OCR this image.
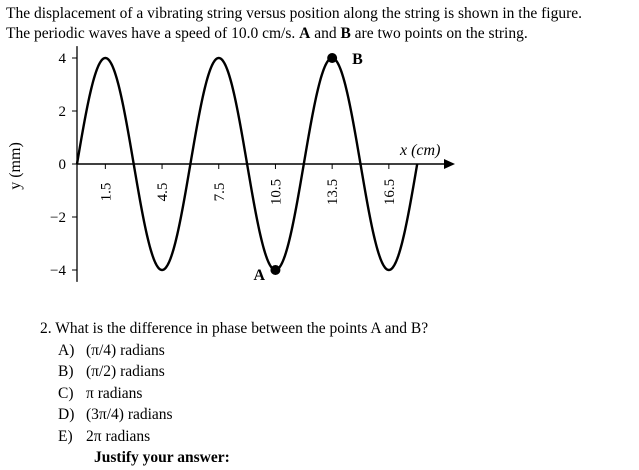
The displacement of a vibrating string versus position along the string is shown in the figure.

The periodic waves have a speed of 10.0 cm/s. A and B are two points on the string.

4
2
0
−2
−4
1.5	4.5	7.5	10.5	13.5	16.5
y (mm)	x (cm)
A
B

2. What is the difference in phase between the points A and B?

A) (π/4) radians
B) (π/2) radians
C) π radians
D) (3π/4) radians
E) 2π radians
Justify your answer:
